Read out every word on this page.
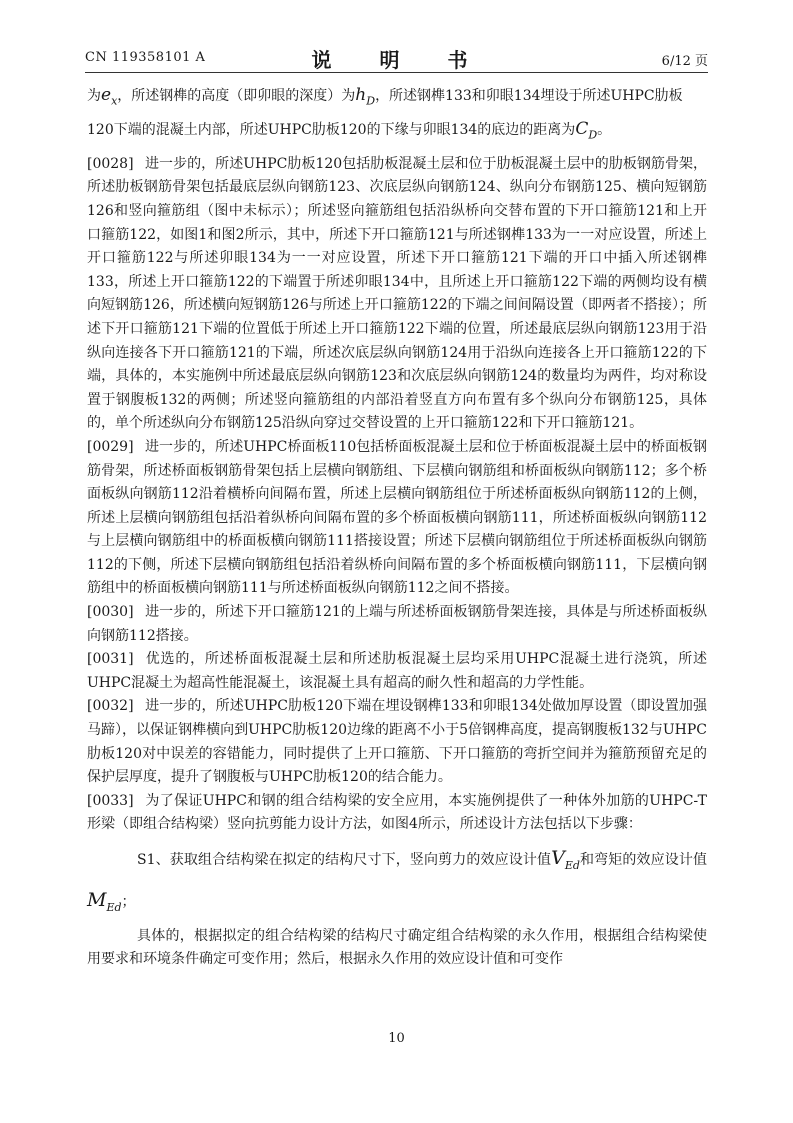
CN 119358101 A	说　明　书	6/12 页

为$e_x$，所述钢榫的高度（即卯眼的深度）为$h_D$，所述钢榫133和卯眼134埋设于所述UHPC肋板

120下端的混凝土内部，所述UHPC肋板120的下缘与卯眼134的底边的距离为$C_D$。

[0028] 进一步的，所述UHPC肋板120包括肋板混凝土层和位于肋板混凝土层中的肋板钢筋骨架，所述肋板钢筋骨架包括最底层纵向钢筋123、次底层纵向钢筋124、纵向分布钢筋125、横向短钢筋126和竖向箍筋组（图中未标示）；所述竖向箍筋组包括沿纵桥向交替布置的下开口箍筋121和上开口箍筋122，如图1和图2所示，其中，所述下开口箍筋121与所述钢榫133为一一对应设置，所述上开口箍筋122与所述卯眼134为一一对应设置，所述下开口箍筋121下端的开口中插入所述钢榫133，所述上开口箍筋122的下端置于所述卯眼134中，且所述上开口箍筋122下端的两侧均设有横向短钢筋126，所述横向短钢筋126与所述上开口箍筋122的下端之间间隔设置（即两者不搭接）；所述下开口箍筋121下端的位置低于所述上开口箍筋122下端的位置，所述最底层纵向钢筋123用于沿纵向连接各下开口箍筋121的下端，所述次底层纵向钢筋124用于沿纵向连接各上开口箍筋122的下端，具体的，本实施例中所述最底层纵向钢筋123和次底层纵向钢筋124的数量均为两件，均对称设置于钢腹板132的两侧；所述竖向箍筋组的内部沿着竖直方向布置有多个纵向分布钢筋125，具体的，单个所述纵向分布钢筋125沿纵向穿过交替设置的上开口箍筋122和下开口箍筋121。

[0029] 进一步的，所述UHPC桥面板110包括桥面板混凝土层和位于桥面板混凝土层中的桥面板钢筋骨架，所述桥面板钢筋骨架包括上层横向钢筋组、下层横向钢筋组和桥面板纵向钢筋112；多个桥面板纵向钢筋112沿着横桥向间隔布置，所述上层横向钢筋组位于所述桥面板纵向钢筋112的上侧，所述上层横向钢筋组包括沿着纵桥向间隔布置的多个桥面板横向钢筋111，所述桥面板纵向钢筋112与上层横向钢筋组中的桥面板横向钢筋111搭接设置；所述下层横向钢筋组位于所述桥面板纵向钢筋112的下侧，所述下层横向钢筋组包括沿着纵桥向间隔布置的多个桥面板横向钢筋111，下层横向钢筋组中的桥面板横向钢筋111与所述桥面板纵向钢筋112之间不搭接。

[0030] 进一步的，所述下开口箍筋121的上端与所述桥面板钢筋骨架连接，具体是与所述桥面板纵向钢筋112搭接。

[0031] 优选的，所述桥面板混凝土层和所述肋板混凝土层均采用UHPC混凝土进行浇筑，所述UHPC混凝土为超高性能混凝土，该混凝土具有超高的耐久性和超高的力学性能。

[0032] 进一步的，所述UHPC肋板120下端在埋设钢榫133和卯眼134处做加厚设置（即设置加强马蹄），以保证钢榫横向到UHPC肋板120边缘的距离不小于5倍钢榫高度，提高钢腹板132与UHPC肋板120对中误差的容错能力，同时提供了上开口箍筋、下开口箍筋的弯折空间并为箍筋预留充足的保护层厚度，提升了钢腹板与UHPC肋板120的结合能力。

[0033] 为了保证UHPC和钢的组合结构梁的安全应用，本实施例提供了一种体外加筋的UHPC-T形梁（即组合结构梁）竖向抗剪能力设计方法，如图4所示，所述设计方法包括以下步骤：

S1、获取组合结构梁在拟定的结构尺寸下，竖向剪力的效应设计值$V_{Ed}$和弯矩的效应设计值$M_{Ed}$；

具体的，根据拟定的组合结构梁的结构尺寸确定组合结构梁的永久作用，根据组合结构梁使用要求和环境条件确定可变作用；然后，根据永久作用的效应设计值和可变作

10
